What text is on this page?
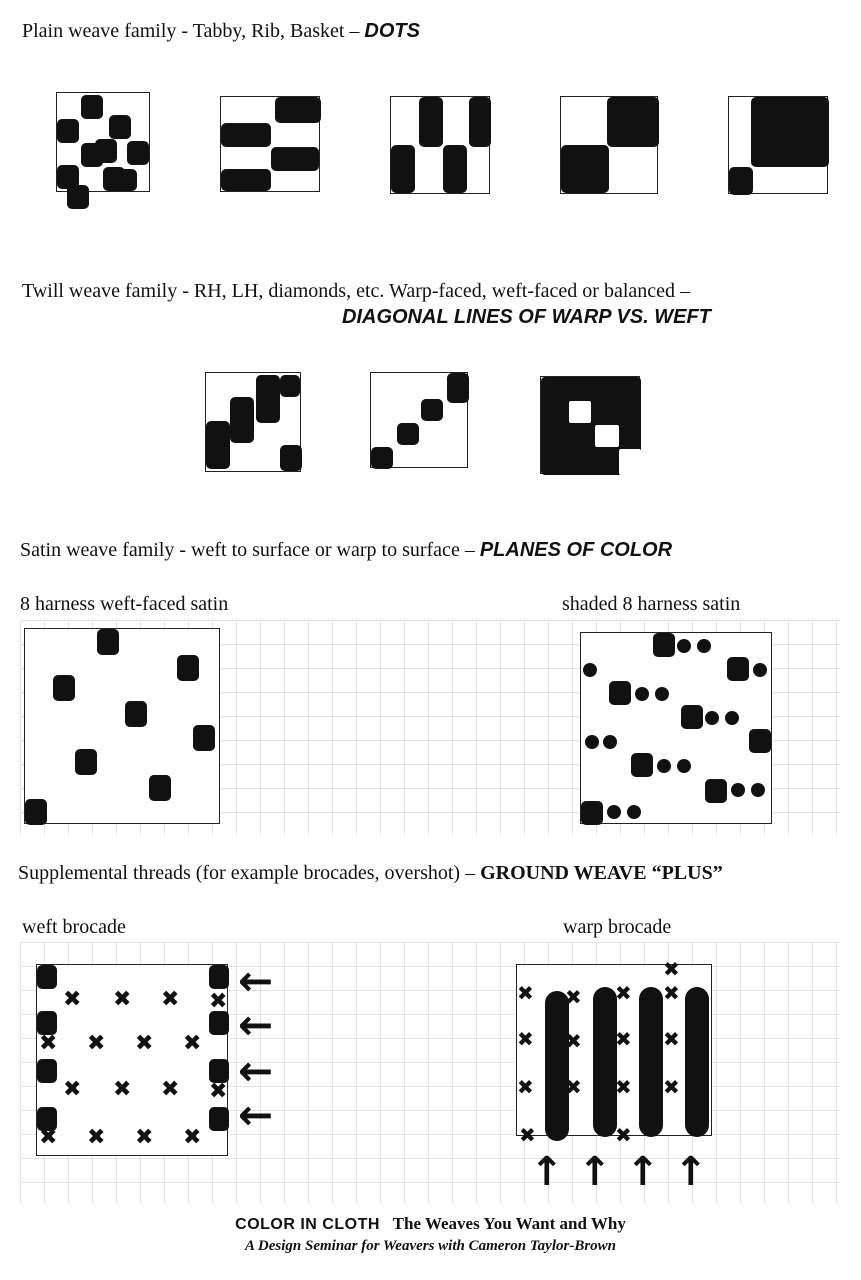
Plain weave family - Tabby, Rib, Basket – DOTS
Twill weave family - RH, LH, diamonds, etc. Warp-faced, weft-faced or balanced –
DIAGONAL LINES OF WARP VS. WEFT
Satin weave family - weft to surface or warp to surface – PLANES OF COLOR
8 harness weft-faced satin	shaded 8 harness satin
Supplemental threads (for example brocades, overshot) – GROUND WEAVE “PLUS”
weft brocade	warp brocade
✖ ✖ ✖
✖ ✖ ✖ ✖
✖ ✖ ✖
✖ ✖ ✖ ✖
✖
✖ ←
←
←
←
✖ ✖ ✖ ✖
✖ ✖ ✖ ✖
✖ ✖ ✖ ✖
✖	✖
✖
↑ ↑ ↑ ↑
COLOR IN CLOTH The Weaves You Want and Why
A Design Seminar for Weavers with Cameron Taylor-Brown
